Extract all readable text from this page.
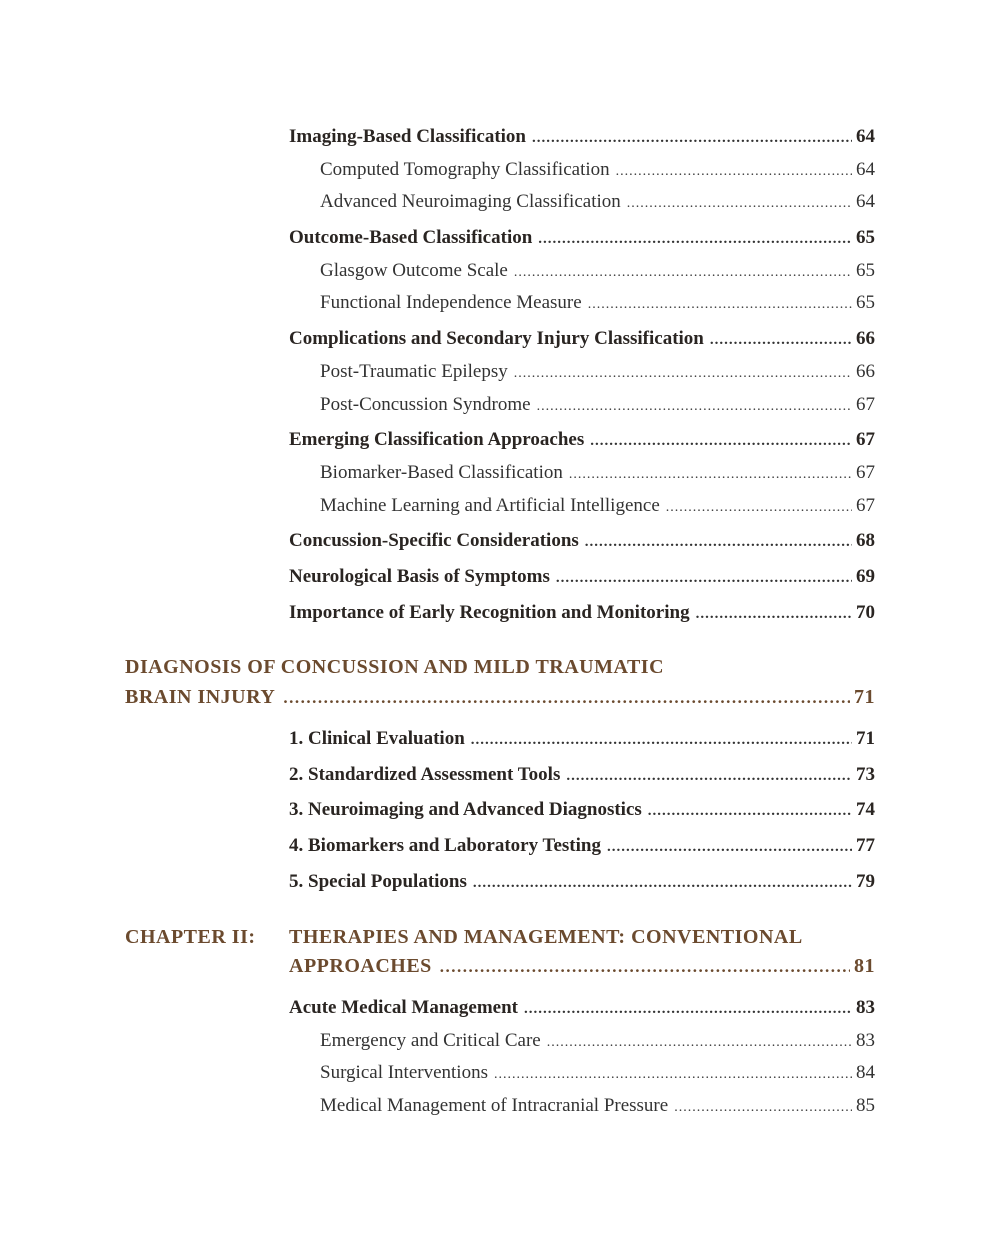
Imaging-Based Classification .....	64
Computed Tomography Classification .....	64
Advanced Neuroimaging Classification .....	64
Outcome-Based Classification .....	65
Glasgow Outcome Scale .....	65
Functional Independence Measure .....	65
Complications and Secondary Injury Classification .....	66
Post-Traumatic Epilepsy .....	66
Post-Concussion Syndrome .....	67
Emerging Classification Approaches .....	67
Biomarker-Based Classification .....	67
Machine Learning and Artificial Intelligence .....	67
Concussion-Specific Considerations .....	68
Neurological Basis of Symptoms .....	69
Importance of Early Recognition and Monitoring .....	70
DIAGNOSIS OF CONCUSSION AND MILD TRAUMATIC
BRAIN INJURY .....	71
1. Clinical Evaluation .....	71
2. Standardized Assessment Tools .....	73
3. Neuroimaging and Advanced Diagnostics .....	74
4. Biomarkers and Laboratory Testing .....	77
5. Special Populations .....	79
CHAPTER II: THERAPIES AND MANAGEMENT: CONVENTIONAL
APPROACHES .....	81
Acute Medical Management .....	83
Emergency and Critical Care .....	83
Surgical Interventions .....	84
Medical Management of Intracranial Pressure .....	85
